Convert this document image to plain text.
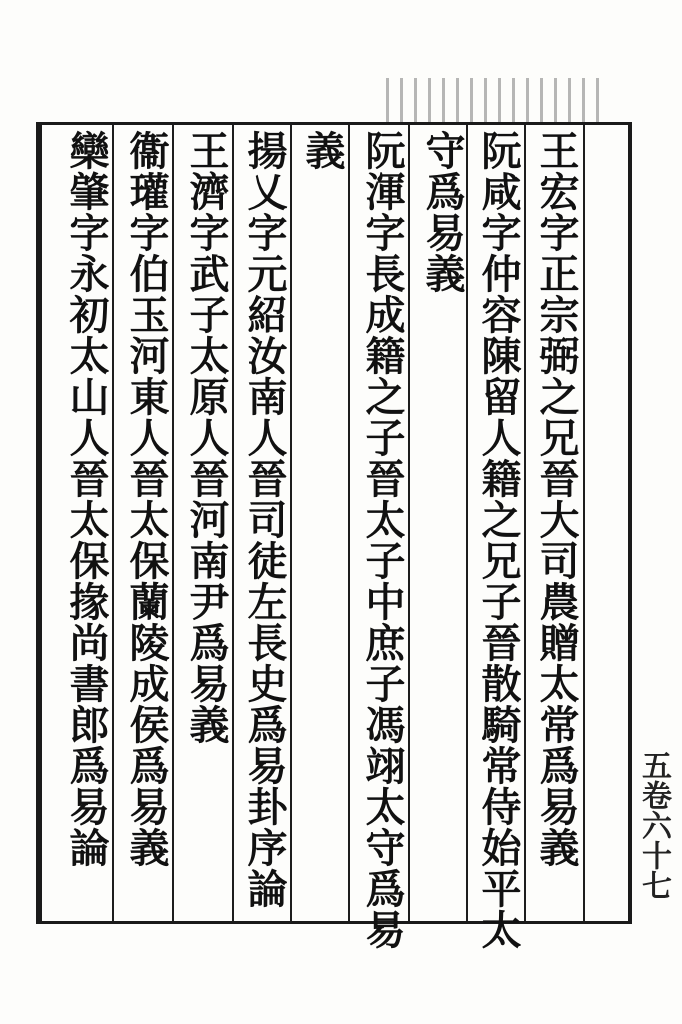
王宏字正宗弼之兄晉大司農贈太常爲易義
阮咸字仲容陳留人籍之兄子晉散騎常侍始平太
守爲易義
阮渾字長成籍之子晉太子中庶子馮翊太守爲易
義
揚乂字元紹汝南人晉司徒左長史爲易卦序論
王濟字武子太原人晉河南尹爲易義
衞瓘字伯玉河東人晉太保蘭陵成侯爲易義
欒肇字永初太山人晉太保掾尚書郎爲易論	五卷六十七
